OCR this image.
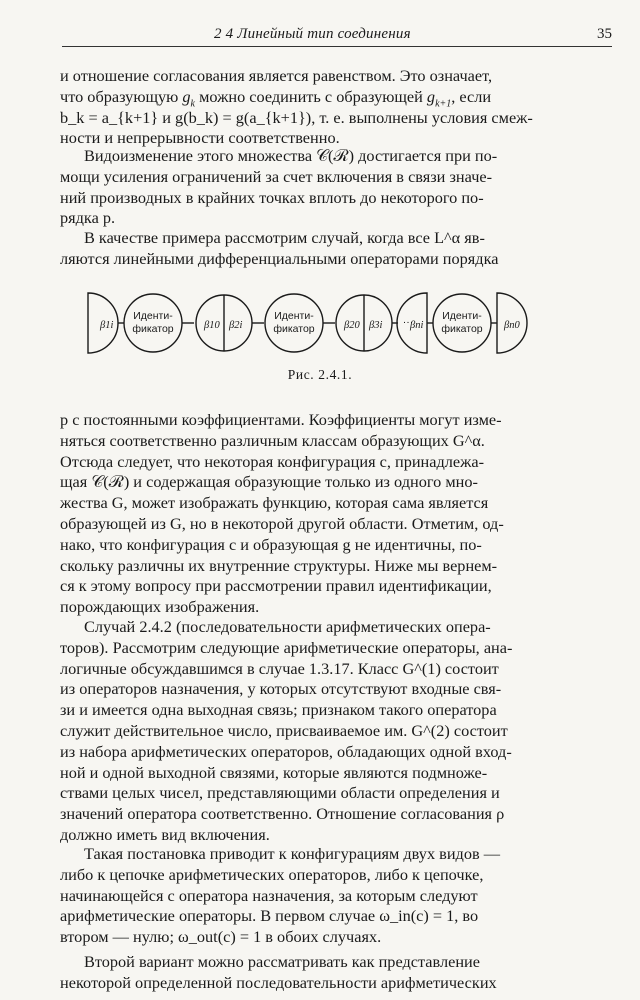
2 4 Линейный тип соединения	35

и отношение согласования является равенством. Это означает,

что образующую $g_k$ можно соединить с образующей $g_{k+1}$, если

b_k = a_{k+1} и g(b_k) = g(a_{k+1}), т. е. выполнены условия смеж-

ности и непрерывности соответственно.

Видоизменение этого множества 𝒞(ℛ) достигается при по-

мощи усиления ограничений за счет включения в связи значе-

ний производных в крайних точках вплоть до некоторого по-

рядка p.

В качестве примера рассмотрим случай, когда все L^α яв-

ляются линейными дифференциальными операторами порядка

Иденти-
фикатор
Иденти-
фикатор
Иденти-
фикатор
···
β1i	β10 β2i	β20 β3i	βni	βn0
Рис. 2.4.1.

p с постоянными коэффициентами. Коэффициенты могут изме-

няться соответственно различным классам образующих G^α.

Отсюда следует, что некоторая конфигурация c, принадлежа-

щая 𝒞(ℛ) и содержащая образующие только из одного мно-

жества G, может изображать функцию, которая сама является

образующей из G, но в некоторой другой области. Отметим, од-

нако, что конфигурация c и образующая g не идентичны, по-

скольку различны их внутренние структуры. Ниже мы вернем-

ся к этому вопросу при рассмотрении правил идентификации,

порождающих изображения.

Случай 2.4.2 (последовательности арифметических опера-

торов). Рассмотрим следующие арифметические операторы, ана-

логичные обсуждавшимся в случае 1.3.17. Класс G^(1) состоит

из операторов назначения, у которых отсутствуют входные свя-

зи и имеется одна выходная связь; признаком такого оператора

служит действительное число, присваиваемое им. G^(2) состоит

из набора арифметических операторов, обладающих одной вход-

ной и одной выходной связями, которые являются подмноже-

ствами целых чисел, представляющими области определения и

значений оператора соответственно. Отношение согласования ρ

должно иметь вид включения.

Такая постановка приводит к конфигурациям двух видов —

либо к цепочке арифметических операторов, либо к цепочке,

начинающейся с оператора назначения, за которым следуют

арифметические операторы. В первом случае ω_in(c) = 1, во

втором — нулю; ω_out(c) = 1 в обоих случаях.

Второй вариант можно рассматривать как представление

некоторой определенной последовательности арифметических
